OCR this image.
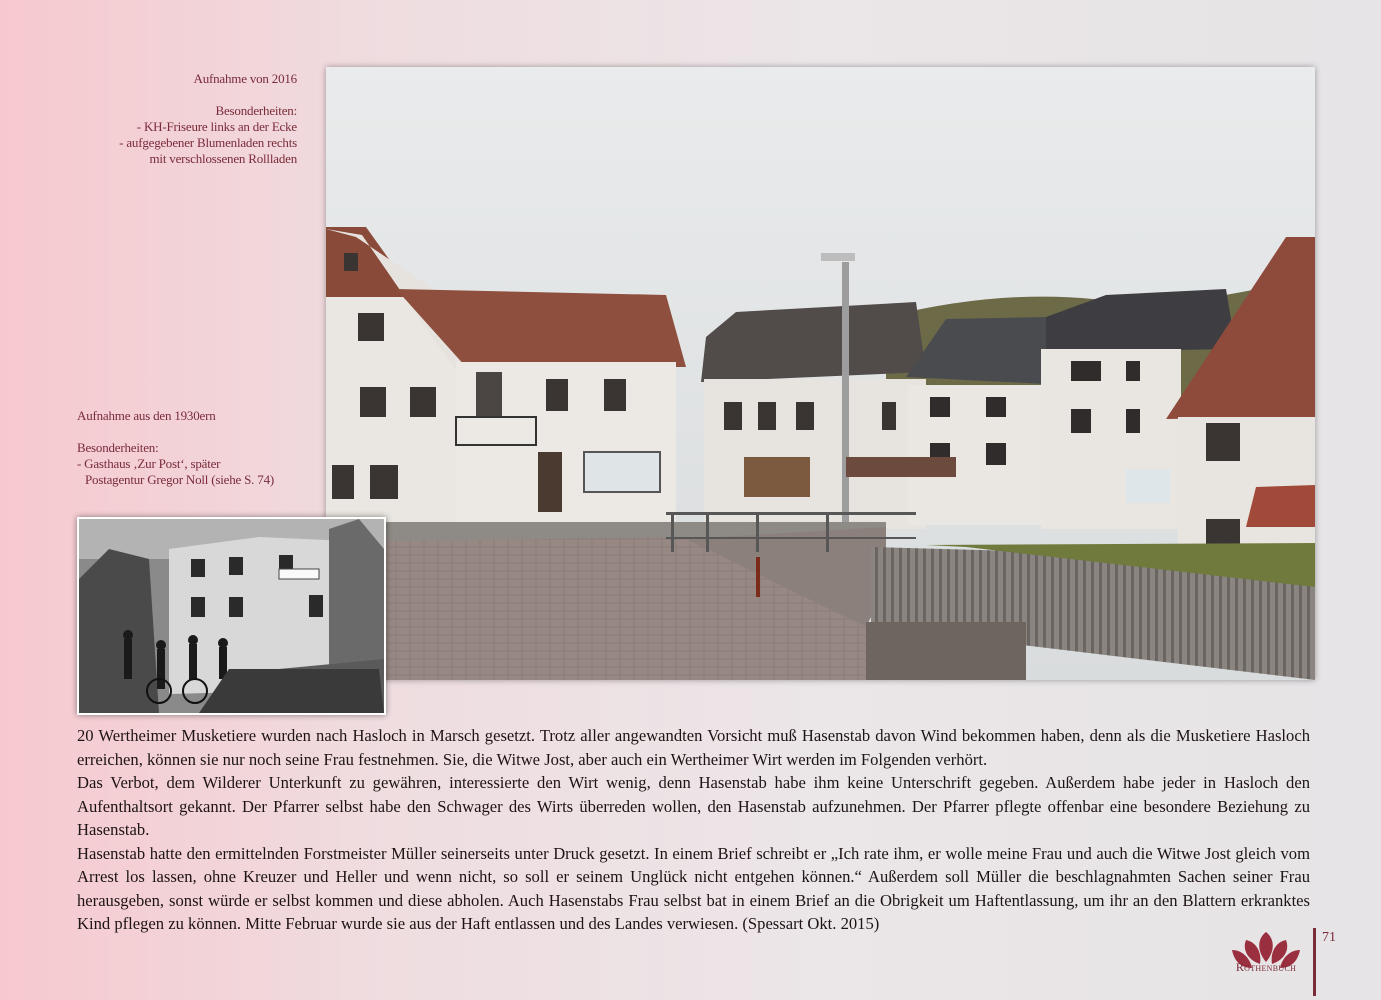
Aufnahme von 2016
Besonderheiten:
- KH-Friseure links an der Ecke
- aufgegebener Blumenladen rechts
mit verschlossenen Rollladen
Aufnahme aus den 1930ern
Besonderheiten:
- Gasthaus ‚Zur Post‘, später
Postagentur Gregor Noll (siehe S. 74)

20 Wertheimer Musketiere wurden nach Hasloch in Marsch gesetzt. Trotz aller angewandten Vorsicht muß Hasenstab davon Wind bekommen haben, denn als die Musketiere Hasloch erreichen, können sie nur noch seine Frau festnehmen. Sie, die Witwe Jost, aber auch ein Wertheimer Wirt werden im Folgenden verhört.

Das Verbot, dem Wilderer Unterkunft zu gewähren, interessierte den Wirt wenig, denn Hasenstab habe ihm keine Unterschrift gegeben. Außerdem habe jeder in Hasloch den Aufenthaltsort gekannt. Der Pfarrer selbst habe den Schwager des Wirts überreden wollen, den Hasenstab aufzunehmen. Der Pfarrer pflegte offenbar eine besondere Beziehung zu Hasenstab.

Hasenstab hatte den ermittelnden Forstmeister Müller seinerseits unter Druck gesetzt. In einem Brief schreibt er „Ich rate ihm, er wolle meine Frau und auch die Witwe Jost gleich vom Arrest los lassen, ohne Kreuzer und Heller und wenn nicht, so soll er seinem Unglück nicht entgehen können.“ Außerdem soll Müller die beschlagnahmten Sachen seiner Frau herausgeben, sonst würde er selbst kommen und diese abholen. Auch Hasenstabs Frau selbst bat in einem Brief an die Obrigkeit um Haftentlassung, um ihr an den Blattern erkranktes Kind pflegen zu können. Mitte Februar wurde sie aus der Haft entlassen und des Landes verwiesen. (Spessart Okt. 2015)

Rothenbuch
71
